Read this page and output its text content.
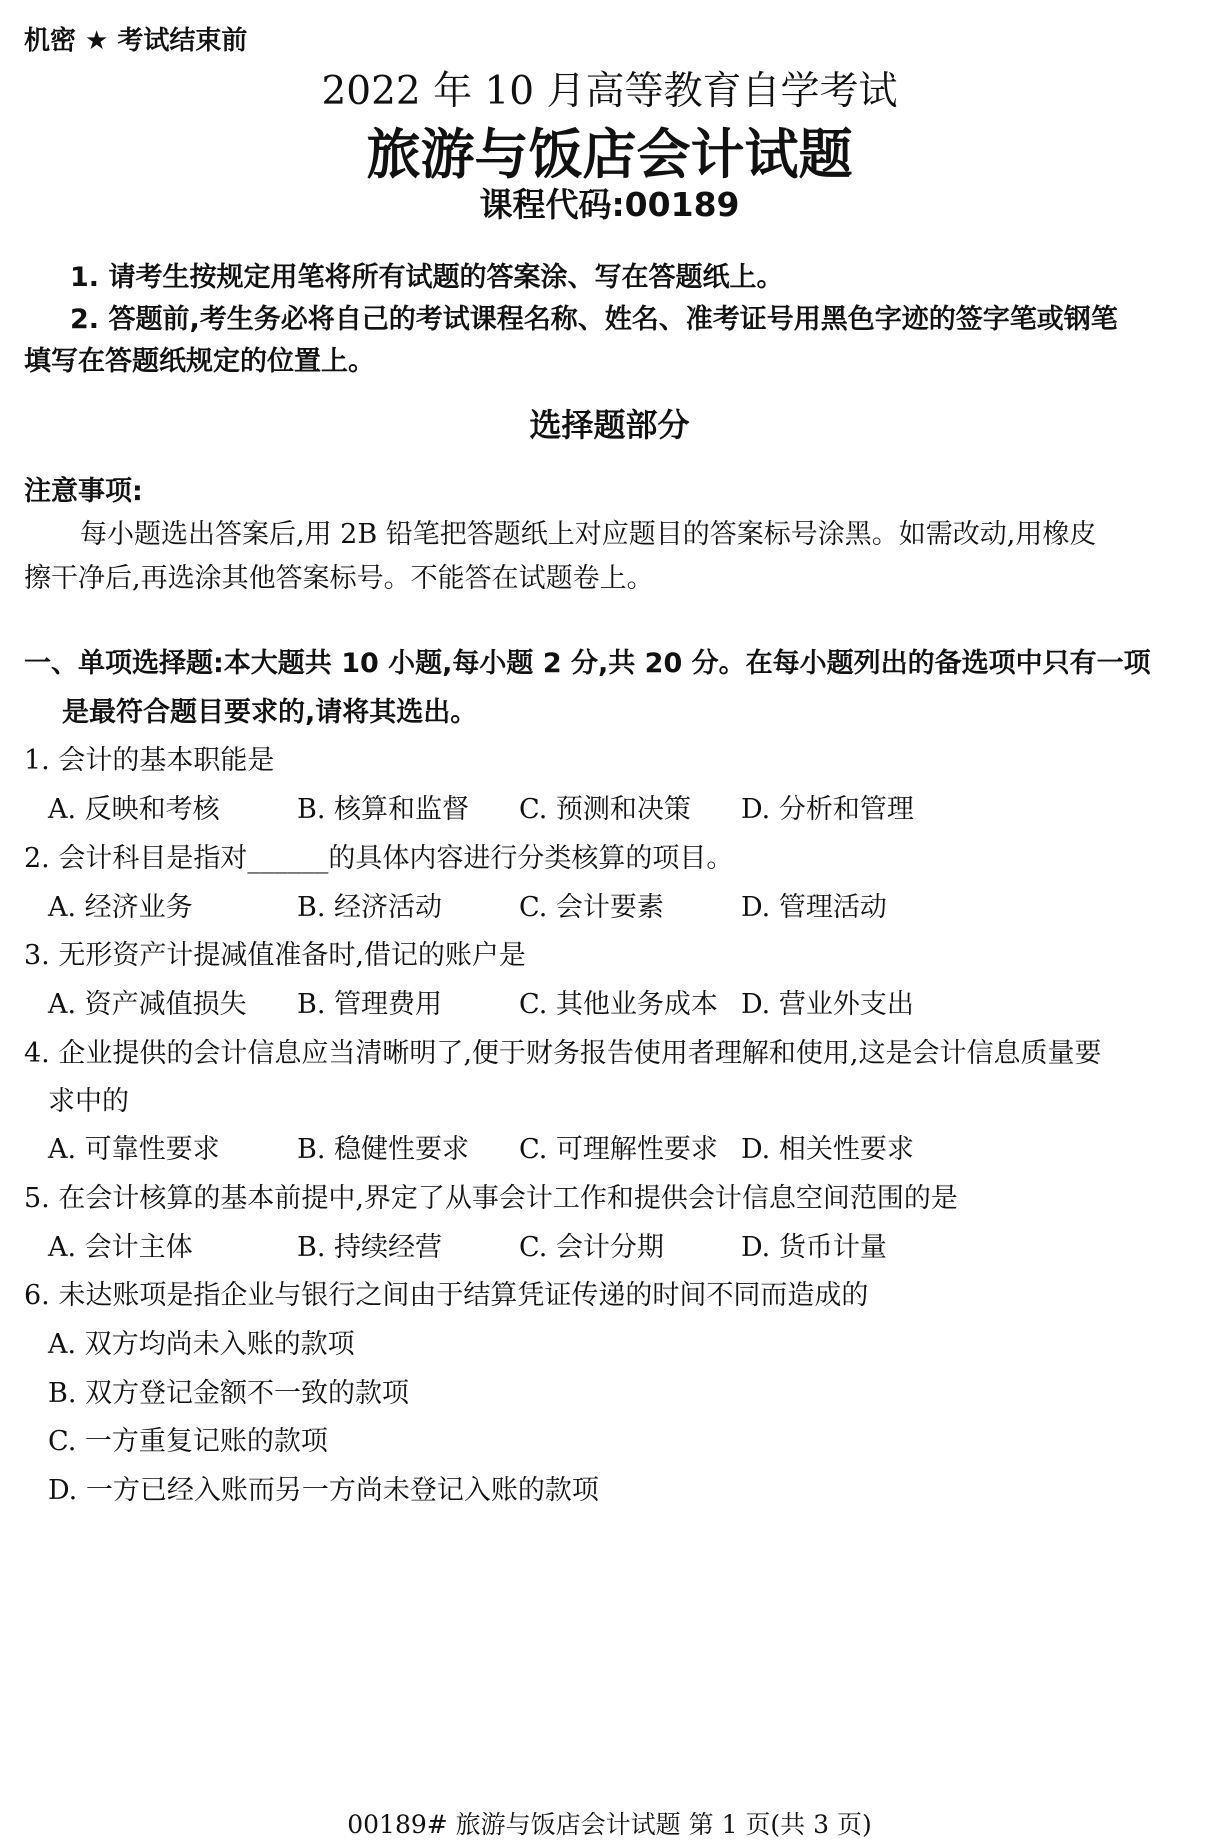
机密 ★ 考试结束前
2022 年 10 月高等教育自学考试
旅游与饭店会计试题
课程代码:00189
1. 请考生按规定用笔将所有试题的答案涂、写在答题纸上。
2. 答题前,考生务必将自己的考试课程名称、姓名、准考证号用黑色字迹的签字笔或钢笔
填写在答题纸规定的位置上。
选择题部分
注意事项:
每小题选出答案后,用 2B 铅笔把答题纸上对应题目的答案标号涂黑。如需改动,用橡皮
擦干净后,再选涂其他答案标号。不能答在试题卷上。
一、单项选择题:本大题共 10 小题,每小题 2 分,共 20 分。在每小题列出的备选项中只有一项
是最符合题目要求的,请将其选出。
1. 会计的基本职能是
A. 反映和考核	B. 核算和监督 C. 预测和决策 D. 分析和管理
2. 会计科目是指对______的具体内容进行分类核算的项目。
A. 经济业务	B. 经济活动	C. 会计要素	D. 管理活动
3. 无形资产计提减值准备时,借记的账户是
A. 资产减值损失 B. 管理费用	C. 其他业务成本 D. 营业外支出
4. 企业提供的会计信息应当清晰明了,便于财务报告使用者理解和使用,这是会计信息质量要
求中的
A. 可靠性要求	B. 稳健性要求 C. 可理解性要求 D. 相关性要求
5. 在会计核算的基本前提中,界定了从事会计工作和提供会计信息空间范围的是
A. 会计主体	B. 持续经营	C. 会计分期	D. 货币计量
6. 未达账项是指企业与银行之间由于结算凭证传递的时间不同而造成的
A. 双方均尚未入账的款项
B. 双方登记金额不一致的款项
C. 一方重复记账的款项
D. 一方已经入账而另一方尚未登记入账的款项
00189# 旅游与饭店会计试题 第 1 页(共 3 页)
